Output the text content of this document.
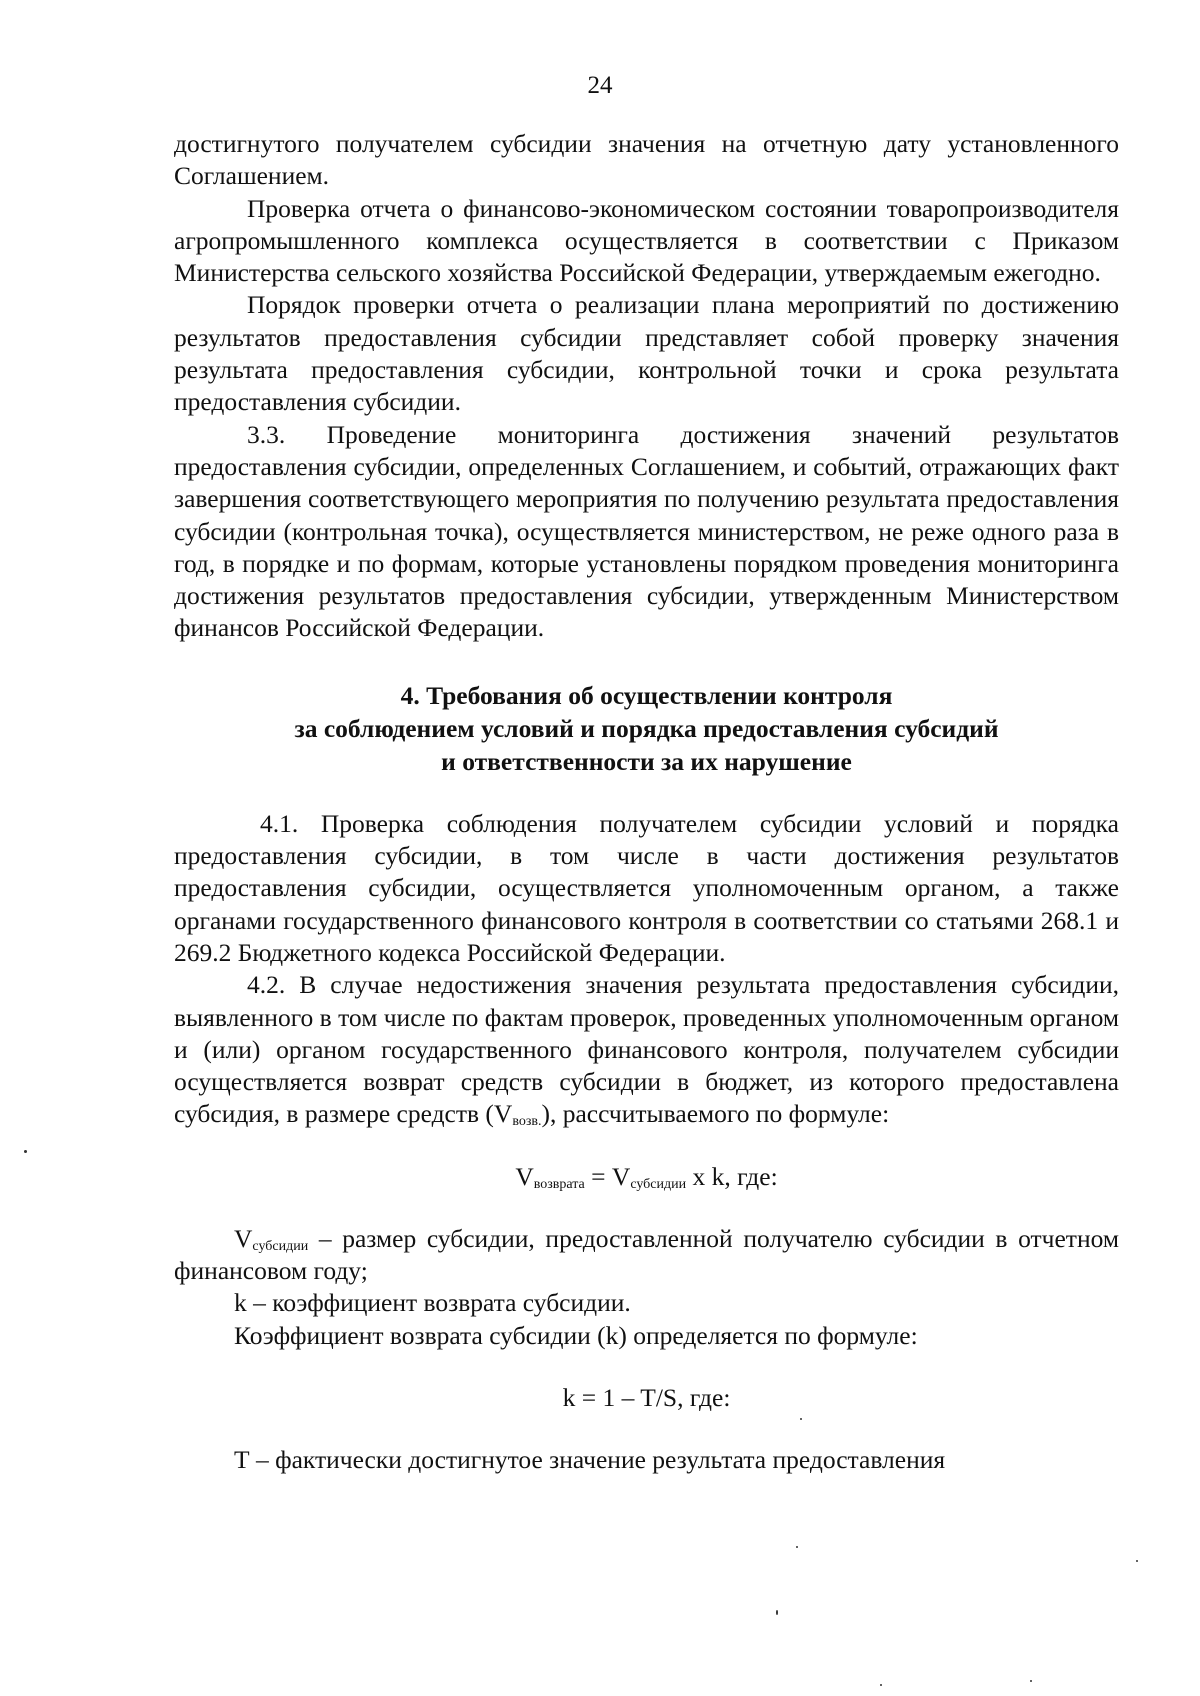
24

достигнутого получателем субсидии значения на отчетную дату установленного Соглашением.

Проверка отчета о финансово-экономическом состоянии товаропроизводителя агропромышленного комплекса осуществляется в соответствии с Приказом Министерства сельского хозяйства Российской Федерации, утверждаемым ежегодно.

Порядок проверки отчета о реализации плана мероприятий по достижению результатов предоставления субсидии представляет собой проверку значения результата предоставления субсидии, контрольной точки и срока результата предоставления субсидии.

3.3. Проведение мониторинга достижения значений результатов предоставления субсидии, определенных Соглашением, и событий, отражающих факт завершения соответствующего мероприятия по получению результата предоставления субсидии (контрольная точка), осуществляется министерством, не реже одного раза в год, в порядке и по формам, которые установлены порядком проведения мониторинга достижения результатов предоставления субсидии, утвержденным Министерством финансов Российской Федерации.

4. Требования об осуществлении контроля
за соблюдением условий и порядка предоставления субсидий
и ответственности за их нарушение

4.1. Проверка соблюдения получателем субсидии условий и порядка предоставления субсидии, в том числе в части достижения результатов предоставления субсидии, осуществляется уполномоченным органом, а также органами государственного финансового контроля в соответствии со статьями 268.1 и 269.2 Бюджетного кодекса Российской Федерации.

4.2. В случае недостижения значения результата предоставления субсидии, выявленного в том числе по фактам проверок, проведенных уполномоченным органом и (или) органом государственного финансового контроля, получателем субсидии осуществляется возврат средств субсидии в бюджет, из которого предоставлена субсидия, в размере средств $(V_{возв.})$, рассчитываемого по формуле:

$V_{возврата} = V_{субсидии}$ x k, где:

$V_{субсидии}$ – размер субсидии, предоставленной получателю субсидии в отчетном финансовом году;

k – коэффициент возврата субсидии.

Коэффициент возврата субсидии (k) определяется по формуле:

k = 1 – T/S, где:

Т – фактически достигнутое значение результата предоставления
